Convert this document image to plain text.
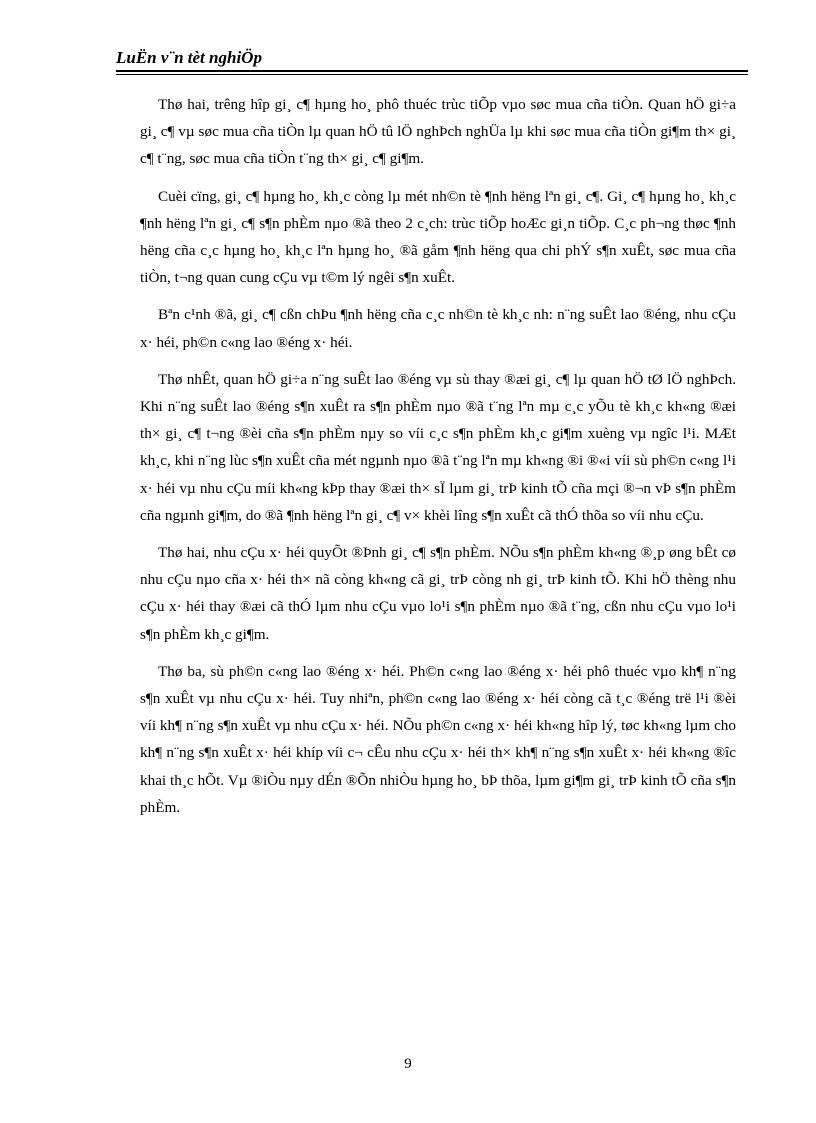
LuËn v¨n tèt nghiÖp

Thø hai, trêng hîp gi¸ c¶ hµng ho¸ phô thuéc trùc tiÕp vµo søc mua cña tiÒn. Quan hÖ gi÷a gi¸ c¶ vµ søc mua cña tiÒn lµ quan hÖ tû lÖ nghÞch nghÜa lµ khi søc mua cña tiÒn gi¶m th× gi¸ c¶ t¨ng, søc mua cña tiÒn t¨ng th× gi¸ c¶ gi¶m.

Cuèi cïng, gi¸ c¶ hµng ho¸ kh¸c còng lµ mét nh©n tè ¶nh hëng lªn gi¸ c¶. Gi¸ c¶ hµng ho¸ kh¸c ¶nh hëng lªn gi¸ c¶ s¶n phÈm nµo ®ã theo 2 c¸ch: trùc tiÕp hoÆc gi¸n tiÕp. C¸c ph¬ng thøc ¶nh hëng cña c¸c hµng ho¸ kh¸c lªn hµng ho¸ ®ã gåm ¶nh hëng qua chi phÝ s¶n xuÊt, søc mua cña tiÒn, t¬ng quan cung cÇu vµ t©m lý ngêi s¶n xuÊt.

Bªn c¹nh ®ã, gi¸ c¶ cßn chÞu ¶nh hëng cña c¸c nh©n tè kh¸c nh: n¨ng suÊt lao ®éng, nhu cÇu x· héi, ph©n c«ng lao ®éng x· héi.

Thø nhÊt, quan hÖ gi÷a n¨ng suÊt lao ®éng vµ sù thay ®æi gi¸ c¶ lµ quan hÖ tØ lÖ nghÞch. Khi n¨ng suÊt lao ®éng s¶n xuÊt ra s¶n phÈm nµo ®ã t¨ng lªn mµ c¸c yÕu tè kh¸c kh«ng ®æi th× gi¸ c¶ t¬ng ®èi cña s¶n phÈm nµy so víi c¸c s¶n phÈm kh¸c gi¶m xuèng vµ ngîc l¹i. MÆt kh¸c, khi n¨ng lùc s¶n xuÊt cña mét ngµnh nµo ®ã t¨ng lªn mµ kh«ng ®i ®«i víi sù ph©n c«ng l¹i x· héi vµ nhu cÇu míi kh«ng kÞp thay ®æi th× sÏ lµm gi¸ trÞ kinh tÕ cña mçi ®¬n vÞ s¶n phÈm cña ngµnh gi¶m, do ®ã ¶nh hëng lªn gi¸ c¶ v× khèi lîng s¶n xuÊt cã thÓ thõa so víi nhu cÇu.

Thø hai, nhu cÇu x· héi quyÕt ®Þnh gi¸ c¶ s¶n phÈm. NÕu s¶n phÈm kh«ng ®¸p øng bÊt cø nhu cÇu nµo cña x· héi th× nã còng kh«ng cã gi¸ trÞ còng nh gi¸ trÞ kinh tÕ. Khi hÖ thèng nhu cÇu x· héi thay ®æi cã thÓ lµm nhu cÇu vµo lo¹i s¶n phÈm nµo ®ã t¨ng, cßn nhu cÇu vµo lo¹i s¶n phÈm kh¸c gi¶m.

Thø ba, sù ph©n c«ng lao ®éng x· héi. Ph©n c«ng lao ®éng x· héi phô thuéc vµo kh¶ n¨ng s¶n xuÊt vµ nhu cÇu x· héi. Tuy nhiªn, ph©n c«ng lao ®éng x· héi còng cã t¸c ®éng trë l¹i ®èi víi kh¶ n¨ng s¶n xuÊt vµ nhu cÇu x· héi. NÕu ph©n c«ng x· héi kh«ng hîp lý, tøc kh«ng lµm cho kh¶ n¨ng s¶n xuÊt x· héi khíp víi c¬ cÊu nhu cÇu x· héi th× kh¶ n¨ng s¶n xuÊt x· héi kh«ng ®îc khai th¸c hÕt. Vµ ®iÒu nµy dÉn ®Õn nhiÒu hµng ho¸ bÞ thõa, lµm gi¶m gi¸ trÞ kinh tÕ cña s¶n phÈm.

9
